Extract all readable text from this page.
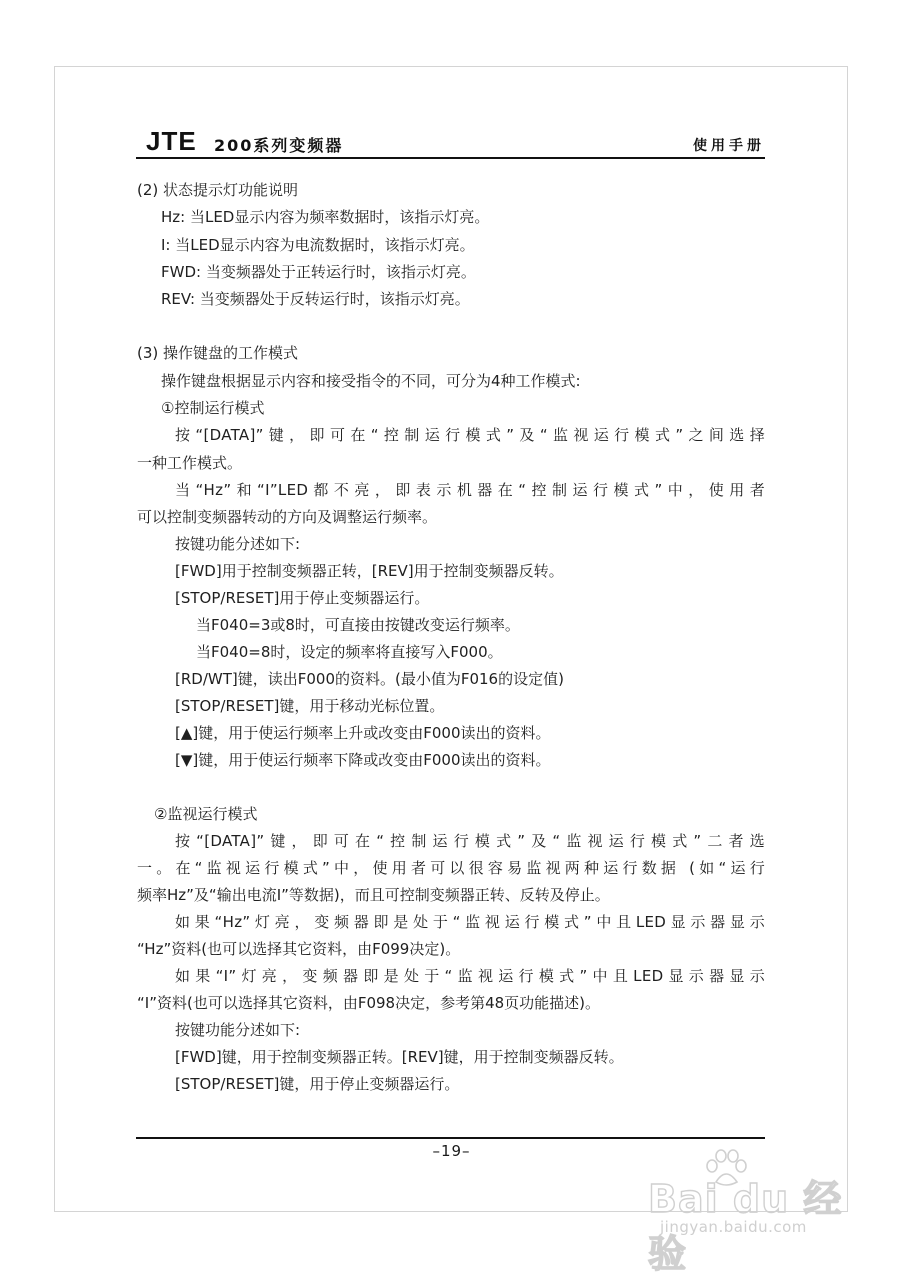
JTE 200系列变频器	使用手册
(2) 状态提示灯功能说明
Hz: 当LED显示内容为频率数据时，该指示灯亮。
I: 当LED显示内容为电流数据时，该指示灯亮。
FWD: 当变频器处于正转运行时，该指示灯亮。
REV: 当变频器处于反转运行时，该指示灯亮。
(3) 操作键盘的工作模式
操作键盘根据显示内容和接受指令的不同，可分为4种工作模式:
①控制运行模式
按“[DATA]”键，即可在“控制运行模式”及“监视运行模式”之间选择
一种工作模式。
当“Hz”和“I”LED都不亮，即表示机器在“控制运行模式”中，使用者
可以控制变频器转动的方向及调整运行频率。
按键功能分述如下:
[FWD]用于控制变频器正转，[REV]用于控制变频器反转。
[STOP/RESET]用于停止变频器运行。
当F040=3或8时，可直接由按键改变运行频率。
当F040=8时，设定的频率将直接写入F000。
[RD/WT]键，读出F000的资料。(最小值为F016的设定值)
[STOP/RESET]键，用于移动光标位置。
[▲]键，用于使运行频率上升或改变由F000读出的资料。
[▼]键，用于使运行频率下降或改变由F000读出的资料。
②监视运行模式
按“[DATA]”键，即可在“控制运行模式”及“监视运行模式”二者选
一。在“监视运行模式”中，使用者可以很容易监视两种运行数据 (如“运行
频率Hz”及“输出电流I”等数据)，而且可控制变频器正转、反转及停止。
如果“Hz”灯亮，变频器即是处于“监视运行模式”中且LED显示器显示
“Hz”资料(也可以选择其它资料，由F099决定)。
如果“I”灯亮，变频器即是处于“监视运行模式”中且LED显示器显示
“I”资料(也可以选择其它资料，由F098决定，参考第48页功能描述)。
按键功能分述如下:
[FWD]键，用于控制变频器正转。[REV]键，用于控制变频器反转。
[STOP/RESET]键，用于停止变频器运行。
–19–
Bai du 经验
jingyan.baidu.com
